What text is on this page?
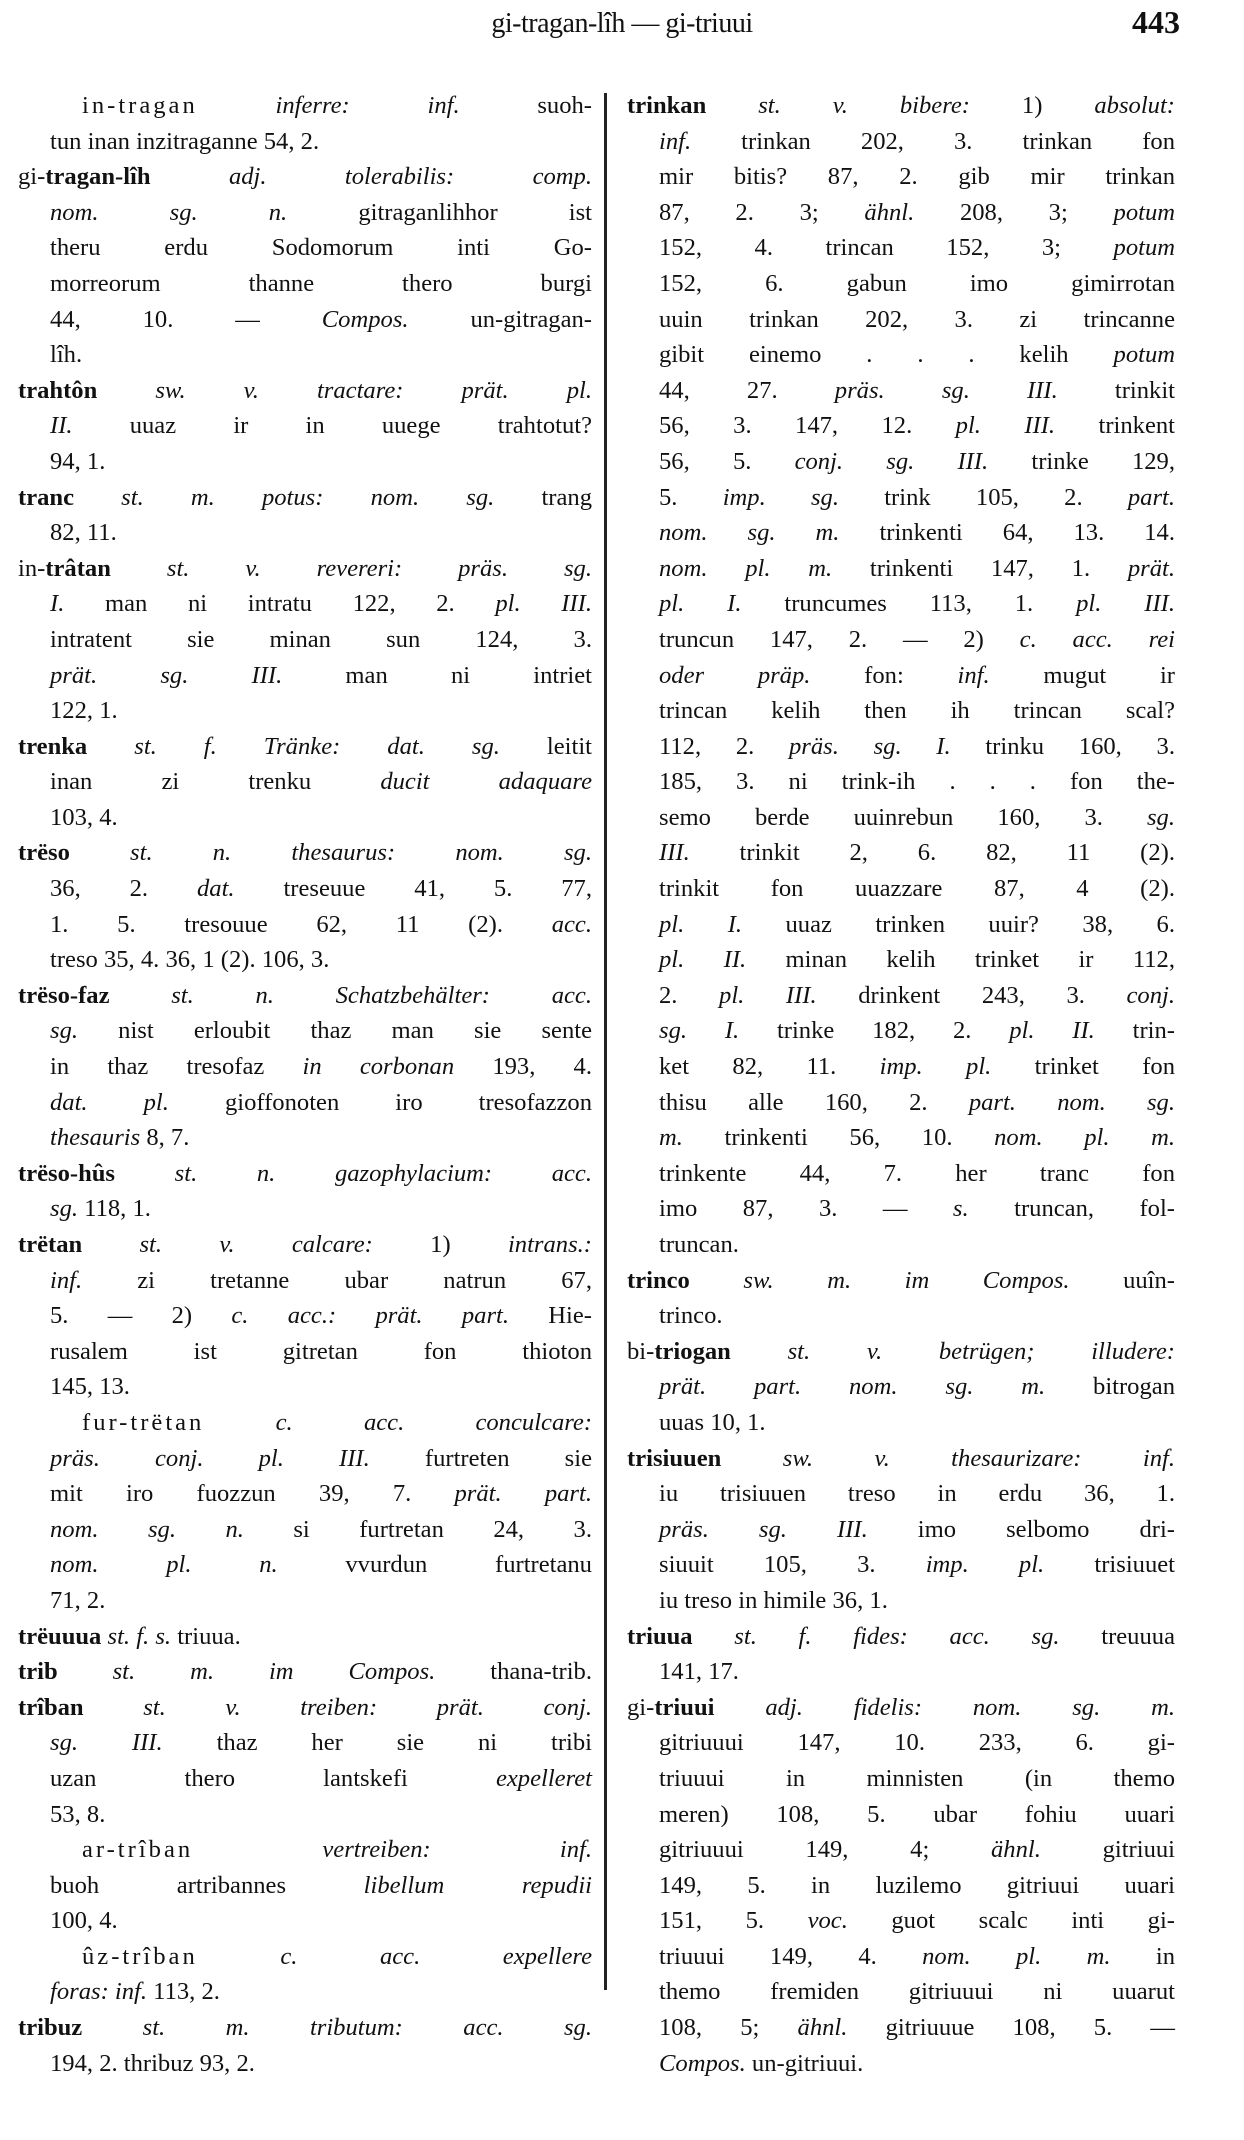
gi-tragan-lîh — gi-triuui	443
in-tragan	inferre: inf. suoh-
tun inan inzitraganne 54, 2.
gi-tragan-lîh	adj. tolerabilis: comp.
nom. sg. n. gitraganlihhor ist
theru erdu Sodomorum inti Go-
morreorum thanne thero burgi
44, 10. — Compos. un-gitragan-
lîh.
trahtôn sw. v. tractare: prät. pl.
II. uuaz ir in uuege trahtotut?
94, 1.
tranc st. m. potus: nom. sg. trang
82, 11.
in-trâtan st. v. revereri: präs. sg.
I. man ni intratu 122, 2. pl. III.
intratent sie minan sun 124, 3.
prät. sg. III. man ni intriet
122, 1.
trenka st. f. Tränke: dat. sg. leitit
inan zi trenku ducit adaquare
103, 4.
trëso st. n. thesaurus: nom. sg.
36, 2. dat. treseuue 41, 5. 77,
1. 5. tresouue 62, 11 (2). acc.
treso 35, 4. 36, 1 (2). 106, 3.
trëso-faz	st. n. Schatzbehälter: acc.
sg. nist erloubit thaz man sie sente
in thaz tresofaz in corbonan 193, 4.
dat. pl. gioffonoten iro tresofazzon
thesauris 8, 7.
trëso-hûs st. n. gazophylacium: acc.
sg. 118, 1.
trëtan st. v. calcare: 1) intrans.:
inf. zi tretanne ubar natrun 67,
5. — 2) c. acc.: prät. part. Hie-
rusalem ist gitretan fon thioton
145, 13.
fur-trëtan	c. acc. conculcare:
präs. conj. pl. III. furtreten sie
mit iro fuozzun 39, 7. prät. part.
nom. sg. n. si furtretan 24, 3.
nom. pl. n. vvurdun furtretanu
71, 2.
trëuuua st. f. s. triuua.
trib st. m. im Compos. thana-trib.
trîban st. v. treiben: prät. conj.
sg. III. thaz her sie ni tribi
uzan thero lantskefi expelleret
53, 8.
ar-trîban	vertreiben: inf.
buoh artribannes libellum repudii
100, 4.
ûz-trîban	c. acc. expellere
foras: inf. 113, 2.
tribuz st. m. tributum: acc. sg.
194, 2. thribuz 93, 2.
trinkan st. v. bibere: 1) absolut:
inf. trinkan 202, 3. trinkan fon
mir bitis? 87, 2. gib mir trinkan
87, 2. 3; ähnl. 208, 3; potum
152, 4. trincan 152, 3; potum
152, 6. gabun imo gimirrotan
uuin trinkan 202, 3. zi trincanne
gibit einemo . . . kelih potum
44, 27. präs. sg. III. trinkit
56, 3. 147, 12. pl. III. trinkent
56, 5. conj. sg. III. trinke 129,
5. imp. sg. trink 105, 2. part.
nom. sg. m. trinkenti 64, 13. 14.
nom. pl. m. trinkenti 147, 1. prät.
pl. I. truncumes 113, 1. pl. III.
truncun 147, 2. — 2) c. acc. rei
oder präp. fon: inf. mugut ir
trincan kelih then ih trincan scal?
112, 2. präs. sg. I. trinku 160, 3.
185, 3. ni trink-ih . . . fon the-
semo berde uuinrebun 160, 3. sg.
III. trinkit 2, 6. 82, 11 (2).
trinkit fon uuazzare 87, 4 (2).
pl. I. uuaz trinken uuir? 38, 6.
pl. II. minan kelih trinket ir 112,
2. pl. III. drinkent 243, 3. conj.
sg. I. trinke 182, 2. pl. II. trin-
ket 82, 11. imp. pl. trinket fon
thisu alle 160, 2. part. nom. sg.
m. trinkenti 56, 10. nom. pl. m.
trinkente 44, 7. her tranc fon
imo 87, 3. — s. truncan, fol-
truncan.
trinco sw. m. im Compos. uuîn-
trinco.
bi-triogan st. v. betrügen; illudere:
prät. part. nom. sg. m. bitrogan
uuas 10, 1.
trisiuuen sw. v. thesaurizare: inf.
iu trisiuuen treso in erdu 36, 1.
präs. sg. III. imo selbomo dri-
siuuit 105, 3. imp. pl. trisiuuet
iu treso in himile 36, 1.
triuua st. f. fides: acc. sg. treuuua
141, 17.
gi-triuui adj. fidelis: nom. sg. m.
gitriuuui 147, 10. 233, 6. gi-
triuuui in minnisten (in themo
meren) 108, 5. ubar fohiu uuari
gitriuuui 149, 4; ähnl. gitriuui
149, 5. in luzilemo gitriuui uuari
151, 5. voc. guot scalc inti gi-
triuuui 149, 4. nom. pl. m. in
themo fremiden gitriuuui ni uuarut
108, 5; ähnl. gitriuuue 108, 5. —
Compos. un-gitriuui.
